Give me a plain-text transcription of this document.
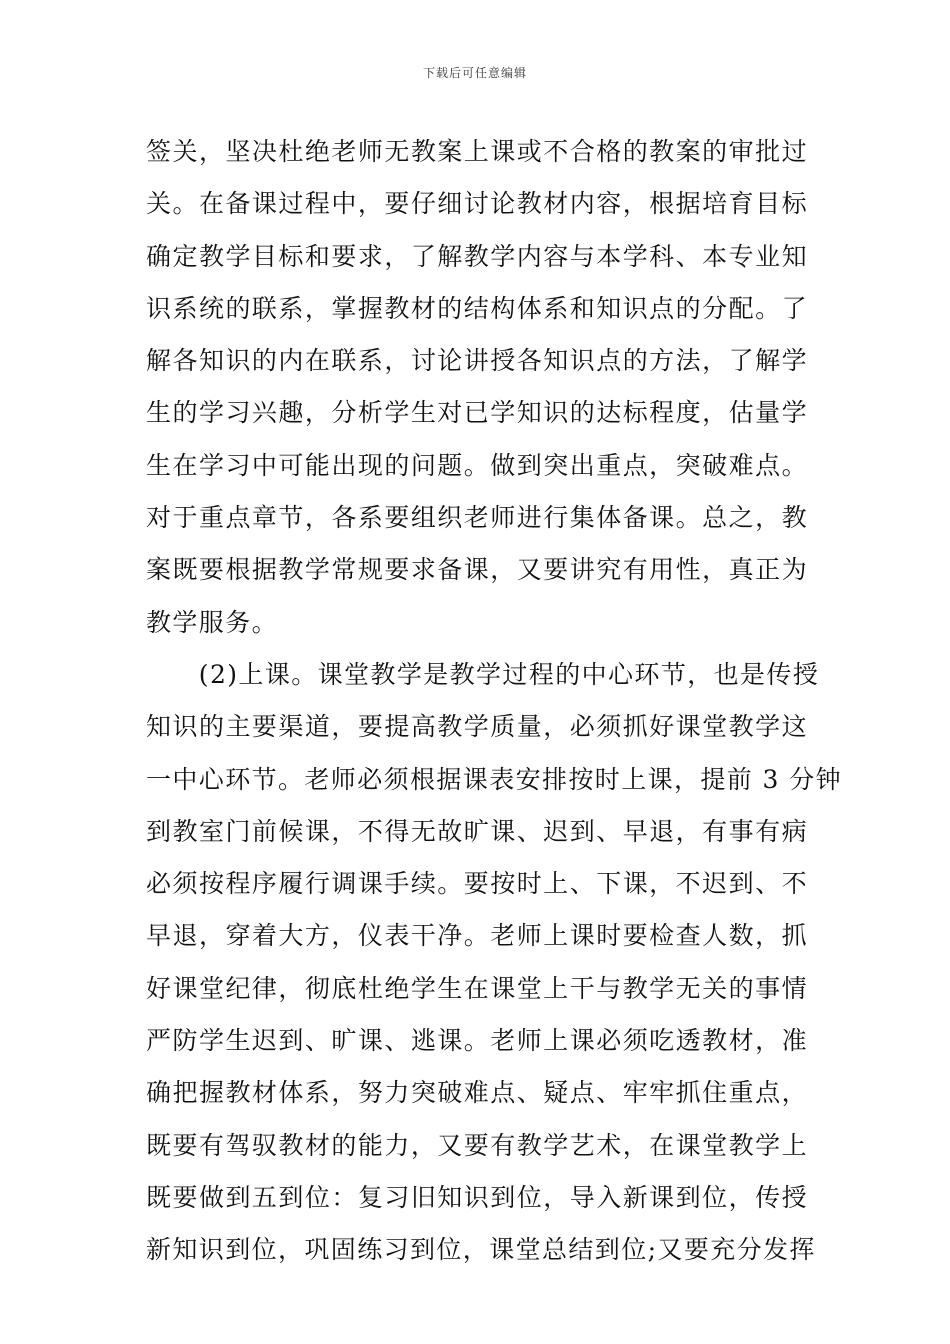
下载后可任意编辑
签关，坚决杜绝老师无教案上课或不合格的教案的审批过
关。在备课过程中，要仔细讨论教材内容，根据培育目标
确定教学目标和要求，了解教学内容与本学科、本专业知
识系统的联系，掌握教材的结构体系和知识点的分配。了
解各知识的内在联系，讨论讲授各知识点的方法，了解学
生的学习兴趣，分析学生对已学知识的达标程度，估量学
生在学习中可能出现的问题。做到突出重点，突破难点。
对于重点章节，各系要组织老师进行集体备课。总之，教
案既要根据教学常规要求备课，又要讲究有用性，真正为
教学服务。
　　(2)上课。课堂教学是教学过程的中心环节，也是传授
知识的主要渠道，要提高教学质量，必须抓好课堂教学这
一中心环节。老师必须根据课表安排按时上课，提前 3 分钟
到教室门前候课，不得无故旷课、迟到、早退，有事有病
必须按程序履行调课手续。要按时上、下课，不迟到、不
早退，穿着大方，仪表干净。老师上课时要检查人数，抓
好课堂纪律，彻底杜绝学生在课堂上干与教学无关的事情
严防学生迟到、旷课、逃课。老师上课必须吃透教材，准
确把握教材体系，努力突破难点、疑点、牢牢抓住重点，
既要有驾驭教材的能力，又要有教学艺术，在课堂教学上
既要做到五到位：复习旧知识到位，导入新课到位，传授
新知识到位，巩固练习到位，课堂总结到位;又要充分发挥
